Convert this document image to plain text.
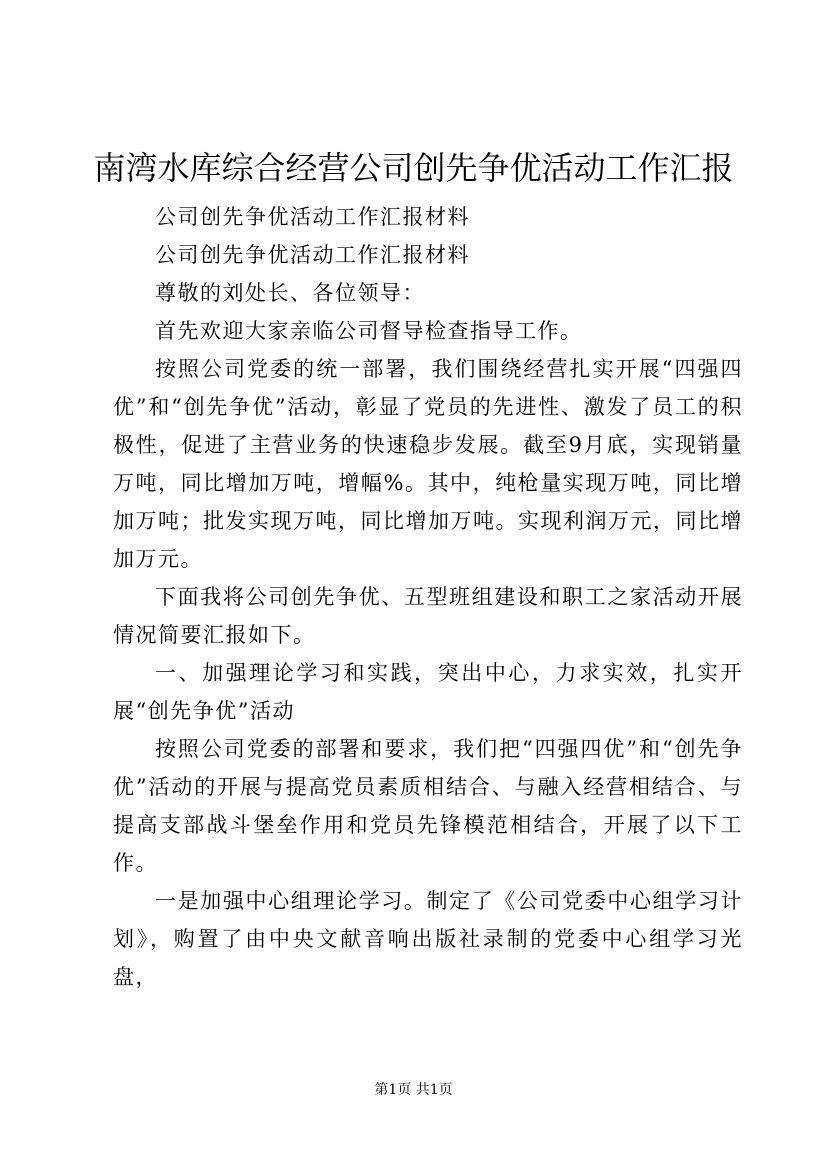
南湾水库综合经营公司创先争优活动工作汇报

公司创先争优活动工作汇报材料

公司创先争优活动工作汇报材料

尊敬的刘处长、各位领导：

首先欢迎大家亲临公司督导检查指导工作。

按照公司党委的统一部署，我们围绕经营扎实开展“四强四优”和“创先争优”活动，彰显了党员的先进性、激发了员工的积极性，促进了主营业务的快速稳步发展。截至9月底，实现销量万吨，同比增加万吨，增幅%。其中，纯枪量实现万吨，同比增加万吨；批发实现万吨，同比增加万吨。实现利润万元，同比增加万元。

下面我将公司创先争优、五型班组建设和职工之家活动开展情况简要汇报如下。

一、加强理论学习和实践，突出中心，力求实效，扎实开展“创先争优”活动

按照公司党委的部署和要求，我们把“四强四优”和“创先争优”活动的开展与提高党员素质相结合、与融入经营相结合、与提高支部战斗堡垒作用和党员先锋模范相结合，开展了以下工作。

一是加强中心组理论学习。制定了《公司党委中心组学习计划》，购置了由中央文献音响出版社录制的党委中心组学习光盘，

第1页 共1页
